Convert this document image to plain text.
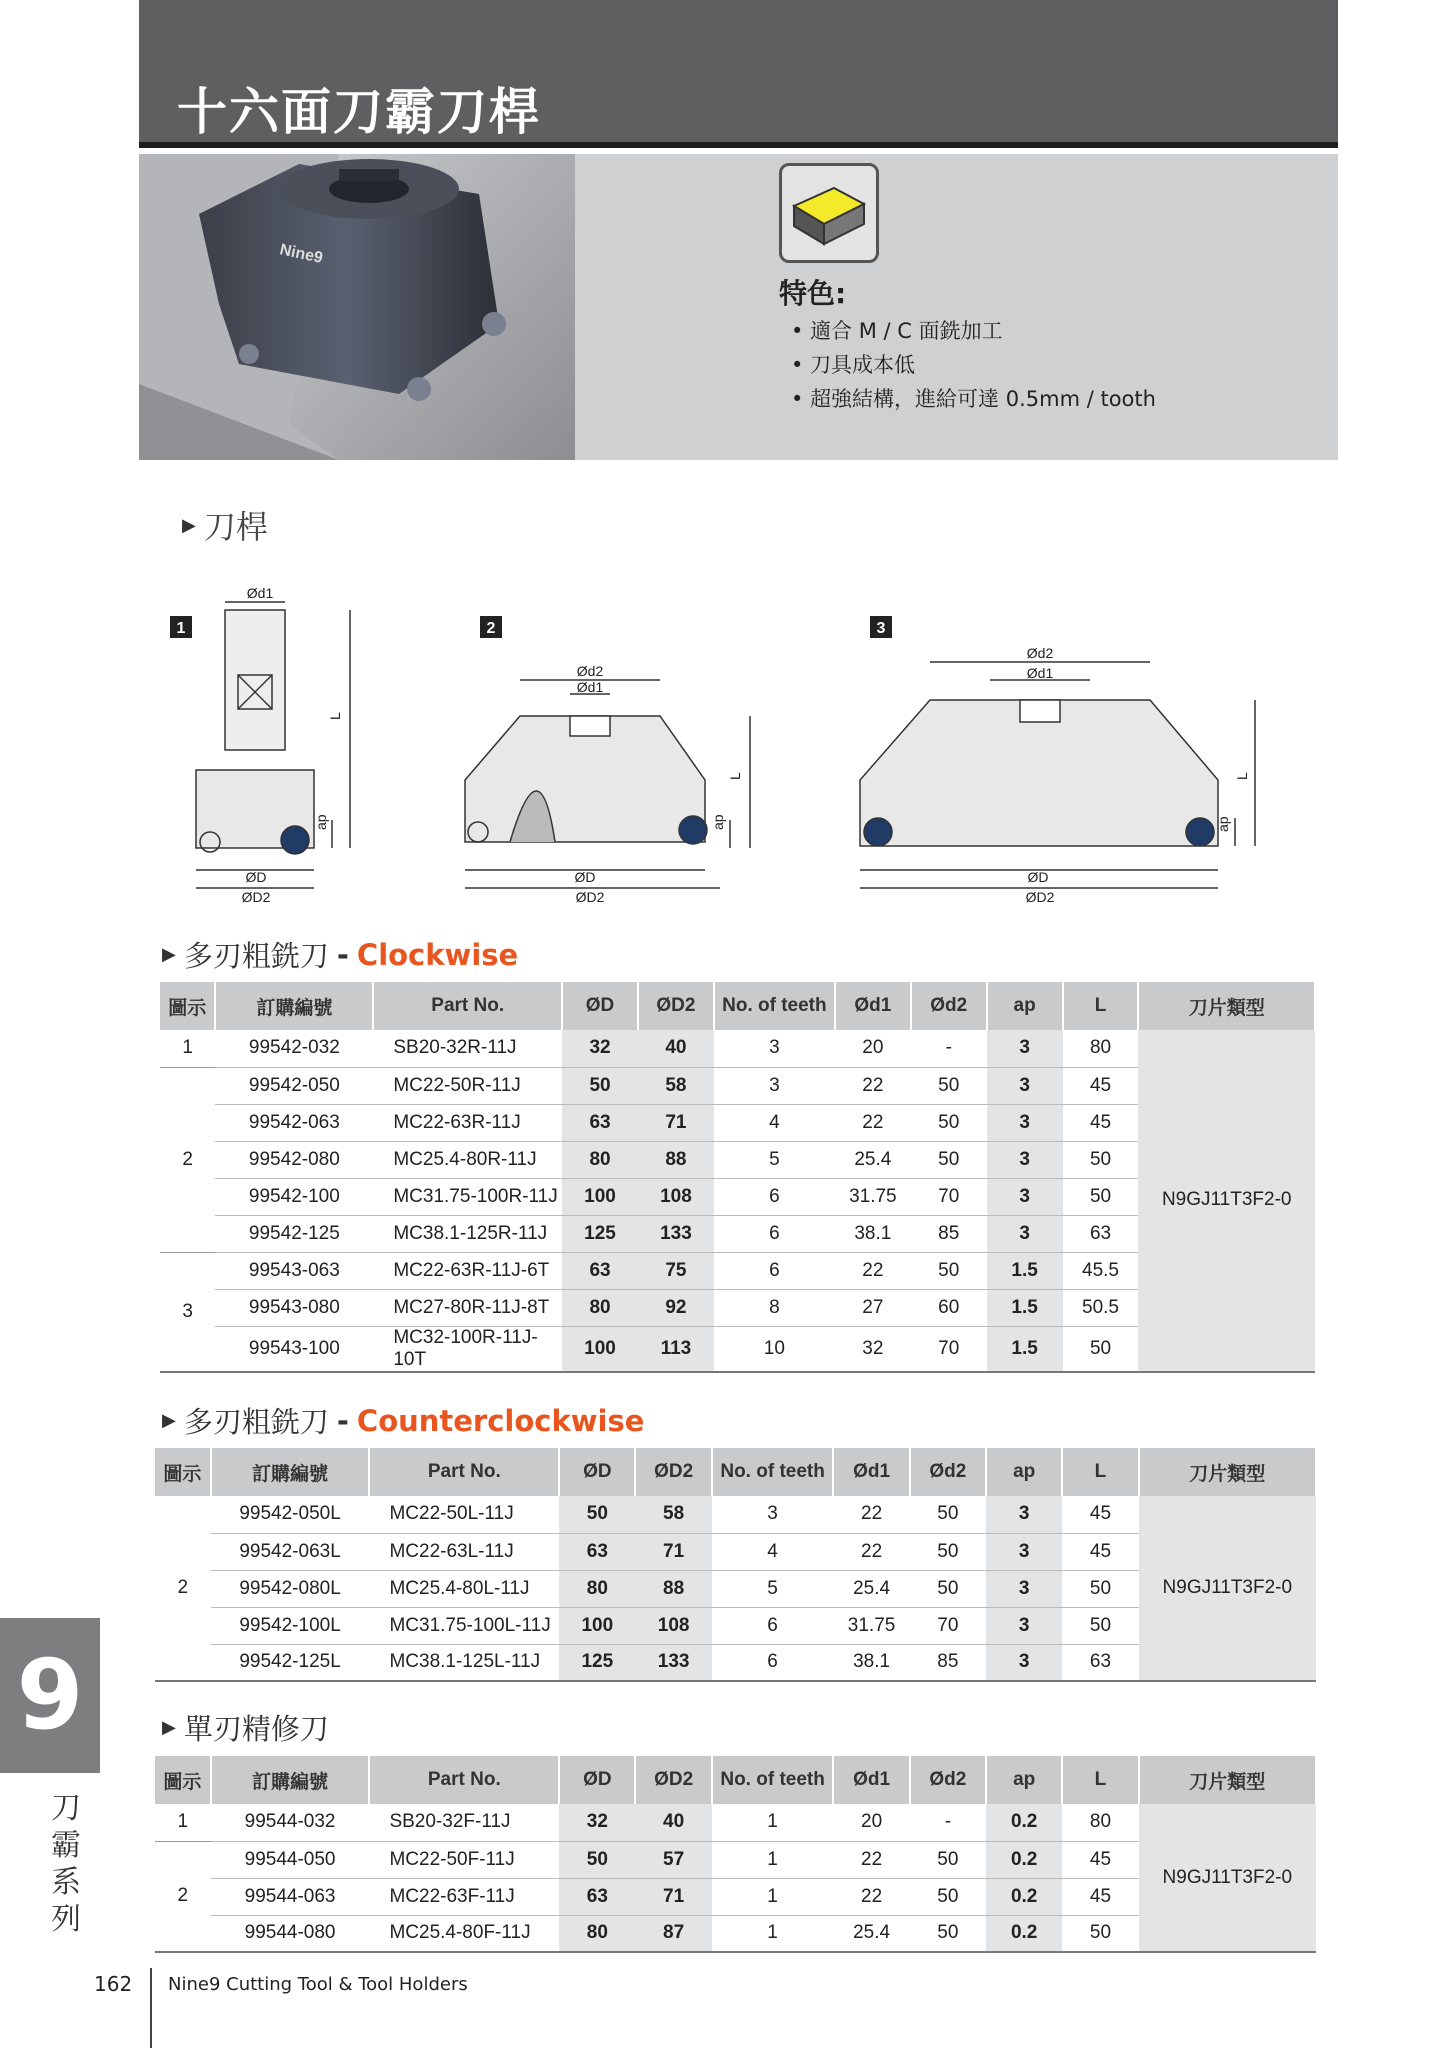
十六面刀霸刀桿
Nine9
特色:
• 適合 M / C 面銑加工
• 刀具成本低
• 超強結構，進給可達 0.5mm / tooth
▶ 刀桿
1
Ød1
ØD
ØD2
L
ap
2
Ød2
Ød1
ØD
ØD2
L
ap
3
Ød2
Ød1
ØD
ØD2
L
ap
▶ 多刃粗銑刀 - Clockwise
圖示	訂購編號	Part No.	ØD	ØD2	No. of teeth	Ød1	Ød2	ap	L	刀片類型
1	99542-032	SB20-32R-11J	32	40	3	20	-	3	80	N9GJ11T3F2-0
2	99542-050	MC22-50R-11J	50	58	3	22	50	3	45	
	99542-063	MC22-63R-11J	63	71	4	22	50	3	45	
	99542-080	MC25.4-80R-11J	80	88	5	25.4	50	3	50	
	99542-100	MC31.75-100R-11J	100	108	6	31.75	70	3	50	
	99542-125	MC38.1-125R-11J	125	133	6	38.1	85	3	63	
3	99543-063	MC22-63R-11J-6T	63	75	6	22	50	1.5	45.5	
	99543-080	MC27-80R-11J-8T	80	92	8	27	60	1.5	50.5	
	99543-100	MC32-100R-11J-10T	100	113	10	32	70	1.5	50	
▶ 多刃粗銑刀 - Counterclockwise
圖示	訂購編號	Part No.	ØD	ØD2	No. of teeth	Ød1	Ød2	ap	L	刀片類型
2	99542-050L	MC22-50L-11J	50	58	3	22	50	3	45	N9GJ11T3F2-0
	99542-063L	MC22-63L-11J	63	71	4	22	50	3	45	
	99542-080L	MC25.4-80L-11J	80	88	5	25.4	50	3	50	
	99542-100L	MC31.75-100L-11J	100	108	6	31.75	70	3	50	
	99542-125L	MC38.1-125L-11J	125	133	6	38.1	85	3	63	
▶ 單刃精修刀
圖示	訂購編號	Part No.	ØD	ØD2	No. of teeth	Ød1	Ød2	ap	L	刀片類型
1	99544-032	SB20-32F-11J	32	40	1	20	-	0.2	80	N9GJ11T3F2-0
2	99544-050	MC22-50F-11J	50	57	1	22	50	0.2	45	
	99544-063	MC22-63F-11J	63	71	1	22	50	0.2	45	
	99544-080	MC25.4-80F-11J	80	87	1	25.4	50	0.2	50	
9
刀霸系列
162 Nine9 Cutting Tool & Tool Holders
